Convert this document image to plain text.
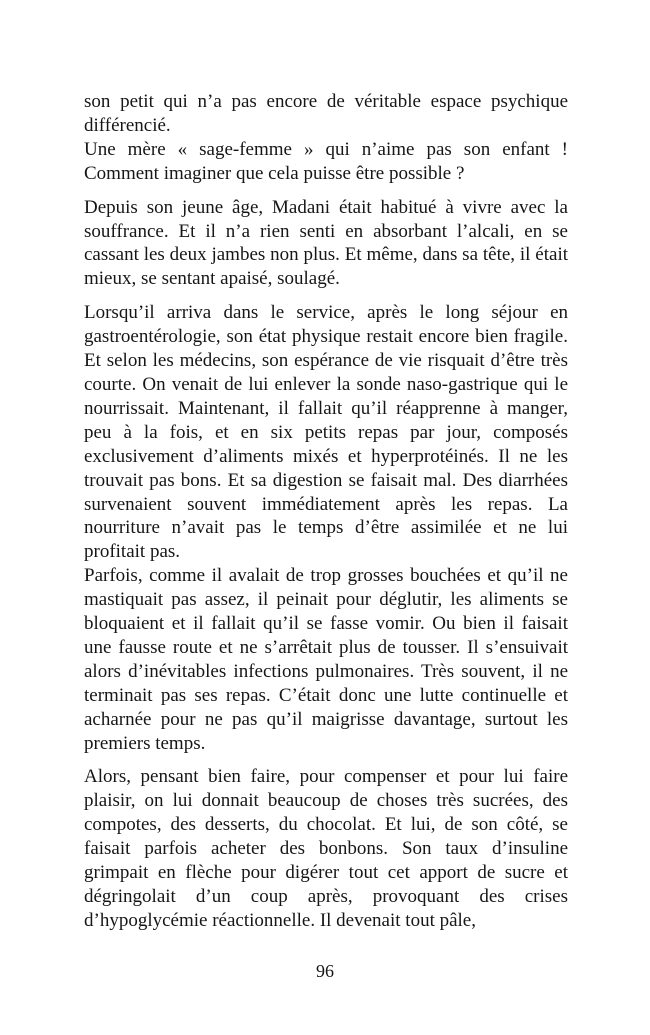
son petit qui n’a pas encore de véritable espace psychique différencié.

Une mère « sage-femme » qui n’aime pas son enfant ! Comment imaginer que cela puisse être possible ?

Depuis son jeune âge, Madani était habitué à vivre avec la souffrance. Et il n’a rien senti en absorbant l’alcali, en se cassant les deux jambes non plus. Et même, dans sa tête, il était mieux, se sentant apaisé, soulagé.

Lorsqu’il arriva dans le service, après le long séjour en gastroentérologie, son état physique restait encore bien fragile. Et selon les médecins, son espérance de vie risquait d’être très courte. On venait de lui enlever la sonde naso-gastrique qui le nourrissait. Maintenant, il fallait qu’il réapprenne à manger, peu à la fois, et en six petits repas par jour, composés exclusivement d’aliments mixés et hyperprotéinés. Il ne les trouvait pas bons. Et sa digestion se faisait mal. Des diarrhées survenaient souvent immédiatement après les repas. La nourriture n’avait pas le temps d’être assimilée et ne lui profitait pas.

Parfois, comme il avalait de trop grosses bouchées et qu’il ne mastiquait pas assez, il peinait pour déglutir, les aliments se bloquaient et il fallait qu’il se fasse vomir. Ou bien il faisait une fausse route et ne s’arrêtait plus de tousser. Il s’ensuivait alors d’inévitables infections pulmonaires. Très souvent, il ne terminait pas ses repas. C’était donc une lutte continuelle et acharnée pour ne pas qu’il maigrisse davantage, surtout les premiers temps.

Alors, pensant bien faire, pour compenser et pour lui faire plaisir, on lui donnait beaucoup de choses très sucrées, des compotes, des desserts, du chocolat. Et lui, de son côté, se faisait parfois acheter des bonbons. Son taux d’insuline grimpait en flèche pour digérer tout cet apport de sucre et dégringolait d’un coup après, provoquant des crises d’hypoglycémie réactionnelle. Il devenait tout pâle,

96
